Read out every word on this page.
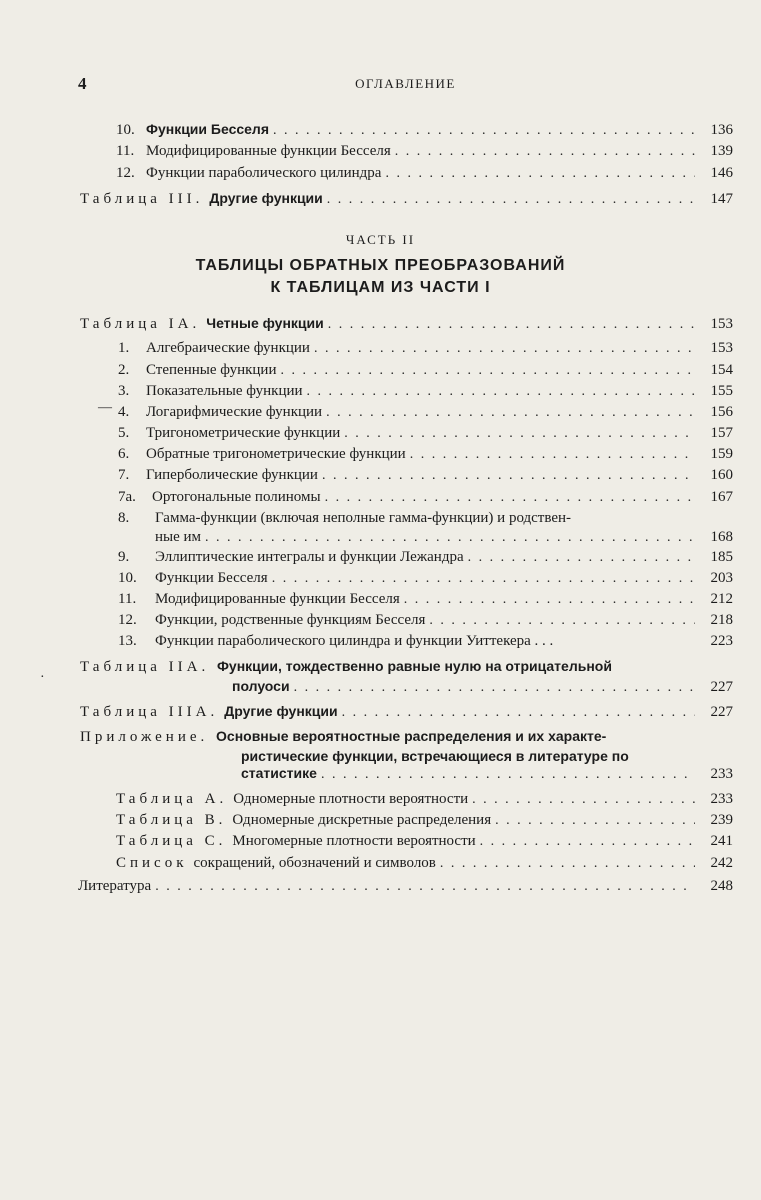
4	ОГЛАВЛЕНИЕ
10. Функции Бесселя . . .	136
11. Модифицированные функции Бесселя . . .	139
12. Функции параболического цилиндра . . .	146
Таблица III. Другие функции . . .	147
ЧАСТЬ II
ТАБЛИЦЫ ОБРАТНЫХ ПРЕОБРАЗОВАНИЙ
К ТАБЛИЦАМ ИЗ ЧАСТИ I
Таблица IA. Четные функции . . .	153
1.	Алгебраические функции . . .	153
2.	Степенные функции . . .	154
3.	Показательные функции . . .	155
— 4.	Логарифмические функции . . .	156
5.	Тригонометрические функции . . .	157
6.	Обратные тригонометрические функции . . .	159
7.	Гиперболические функции . . .	160
7a.	Ортогональные полиномы . . .	167
8.	Гамма-функции (включая неполные гамма-функции) и родствен-
ные им . . .	168
9.	Эллиптические интегралы и функции Лежандра . . .	185
10.	Функции Бесселя . . .	203
11.	Модифицированные функции Бесселя . . .	212
12.	Функции, родственные функциям Бесселя . . .	218
13.	Функции параболического цилиндра и функции Уиттекера . . .	223
·
Таблица IIA. Функции, тождественно равные нулю на отрицательной
полуоси . . .	227
Таблица IIIA. Другие функции . . .	227
Приложение. Основные вероятностные распределения и их характе-
ристические функции, встречающиеся в литературе по
статистике . . .	233
Таблица A. Одномерные плотности вероятности . . .	233
Таблица B. Одномерные дискретные распределения . . .	239
Таблица C. Многомерные плотности вероятности . . .	241
Список сокращений, обозначений и символов . . .	242
Литература . . .	248
